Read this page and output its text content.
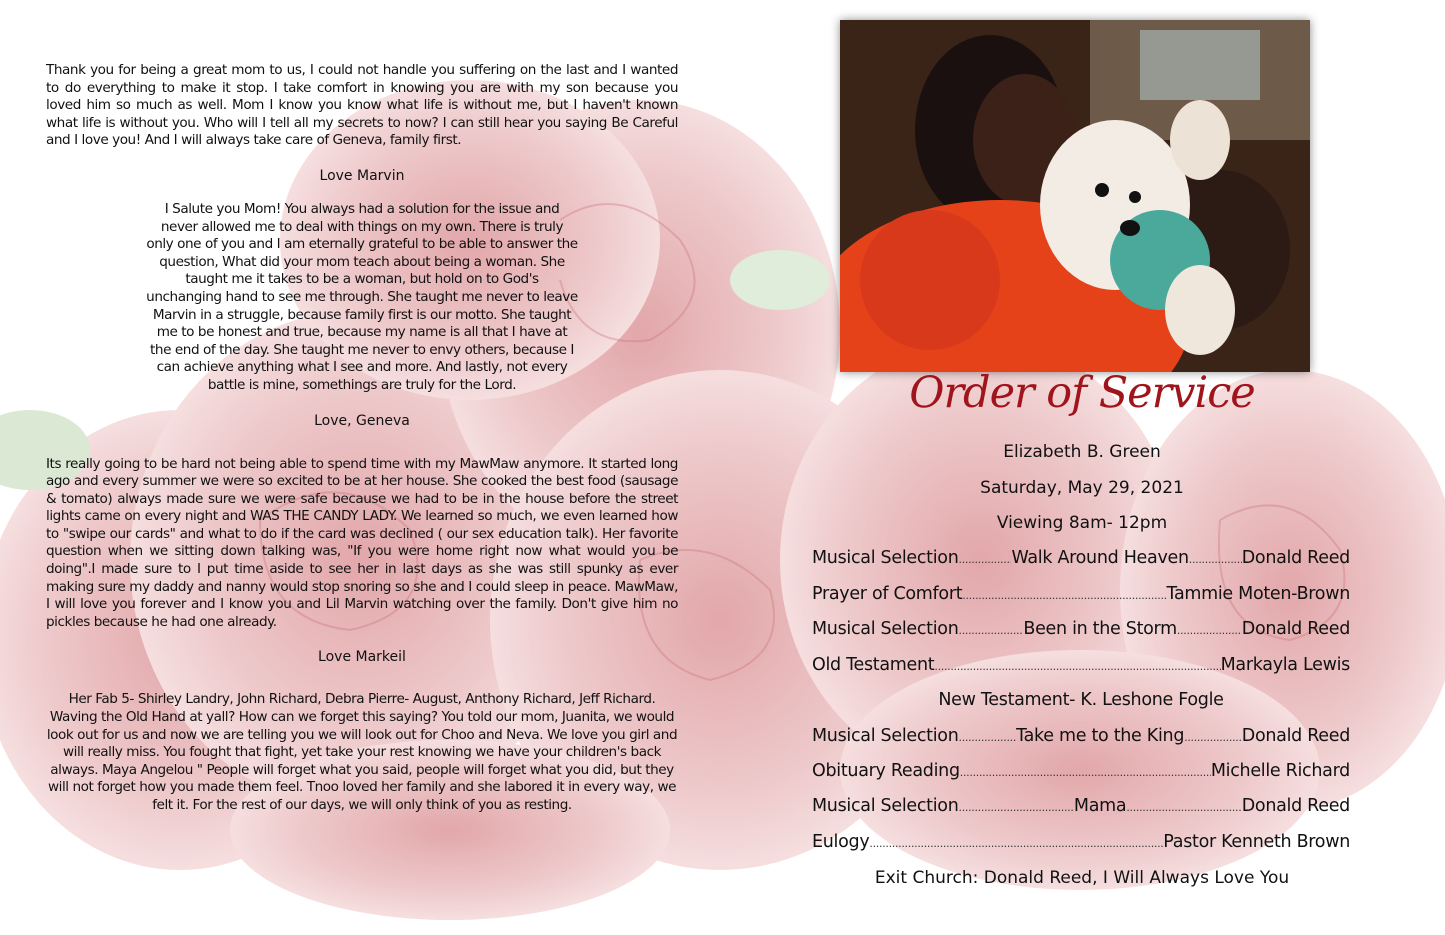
Thank you for being a great mom to us, I could not handle you suffering on the last and I wanted to do everything to make it stop. I take comfort in knowing you are with my son because you loved him so much as well. Mom I know you know what life is without me, but I haven't known what life is without you. Who will I tell all my secrets to now? I can still hear you saying Be Careful and I love you! And I will always take care of Geneva, family first.

Love Marvin

I Salute you Mom! You always had a solution for the issue and never allowed me to deal with things on my own. There is truly only one of you and I am eternally grateful to be able to answer the question, What did your mom teach about being a woman. She taught me it takes to be a woman, but hold on to God's unchanging hand to see me through. She taught me never to leave Marvin in a struggle, because family first is our motto. She taught me to be honest and true, because my name is all that I have at the end of the day. She taught me never to envy others, because I can achieve anything what I see and more. And lastly, not every battle is mine, somethings are truly for the Lord.

Love, Geneva

Its really going to be hard not being able to spend time with my MawMaw anymore. It started long ago and every summer we were so excited to be at her house. She cooked the best food (sausage & tomato) always made sure we were safe because we had to be in the house before the street lights came on every night and WAS THE CANDY LADY. We learned so much, we even learned how to "swipe our cards" and what to do if the card was declined ( our sex education talk). Her favorite question when we sitting down talking was, "If you were home right now what would you be doing".I made sure to I put time aside to see her in last days as she was still spunky as ever making sure my daddy and nanny would stop snoring so she and I could sleep in peace. MawMaw, I will love you forever and I know you and Lil Marvin watching over the family. Don't give him no pickles because he had one already.

Love Markeil

Her Fab 5- Shirley Landry, John Richard, Debra Pierre- August, Anthony Richard, Jeff Richard. Waving the Old Hand at yall? How can we forget this saying? You told our mom, Juanita, we would look out for us and now we are telling you we will look out for Choo and Neva. We love you girl and will really miss. You fought that fight, yet take your rest knowing we have your children's back always. Maya Angelou " People will forget what you said, people will forget what you did, but they will not forget how you made them feel. Tnoo loved her family and she labored it in every way, we felt it. For the rest of our days, we will only think of you as resting.

Order of Service
Elizabeth B. Green
Saturday, May 29, 2021
Viewing 8am- 12pm
Musical Selection .....	Walk Around Heaven .....	Donald Reed
Prayer of Comfort .....	Tammie Moten-Brown
Musical Selection .....	Been in the Storm .....	Donald Reed
Old Testament .....	Markayla Lewis
New Testament- K. Leshone Fogle
Musical Selection .....	Take me to the King .....	Donald Reed
Obituary Reading .....	Michelle Richard
Musical Selection .....	Mama .....	Donald Reed
Eulogy .....	Pastor Kenneth Brown
Exit Church: Donald Reed, I Will Always Love You
